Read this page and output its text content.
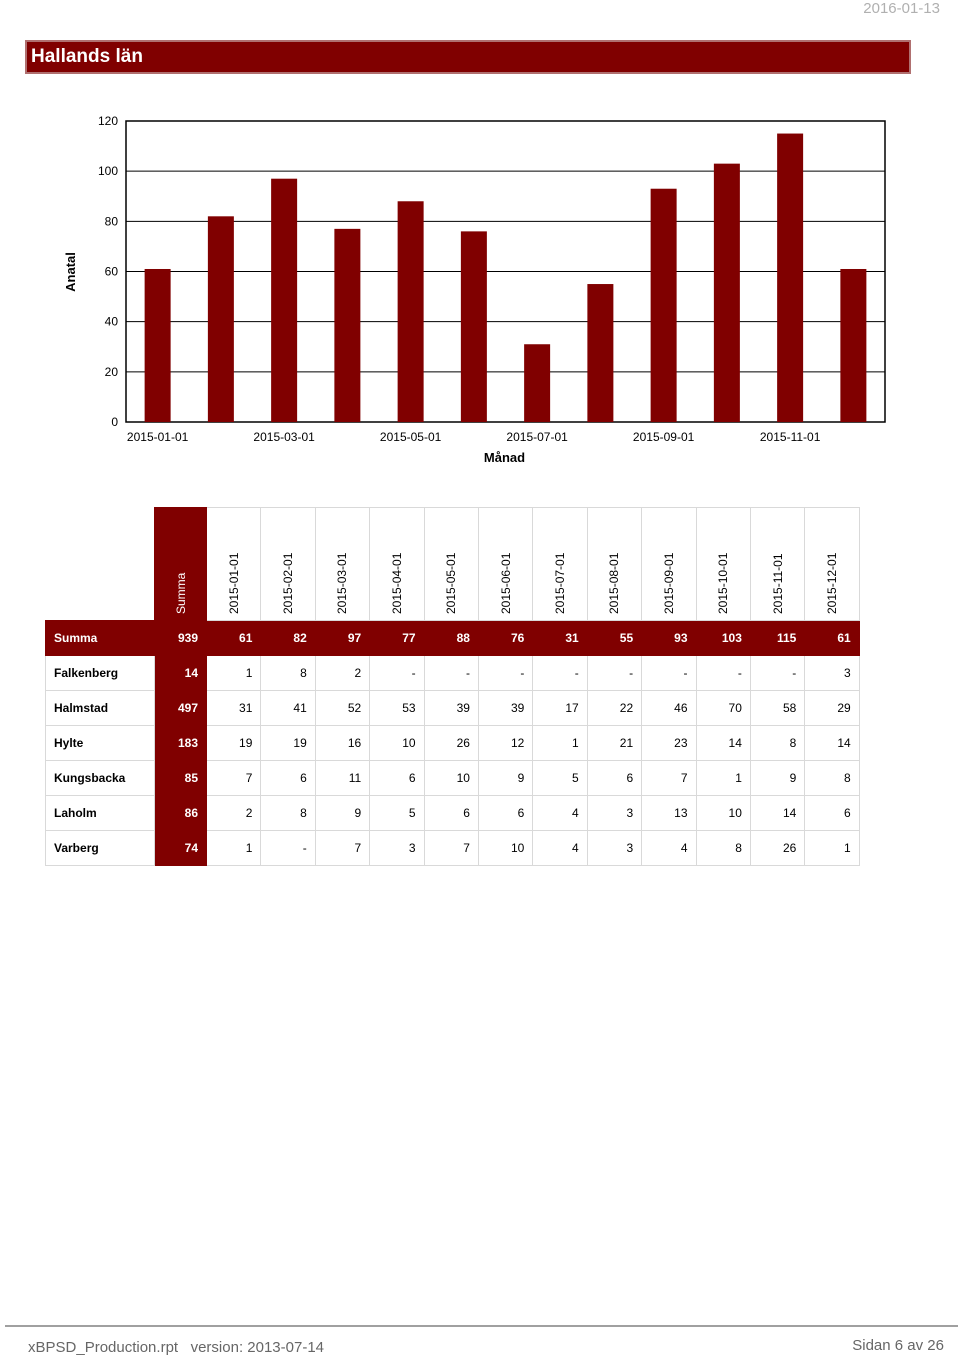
2016-01-13
Hallands län
0
20
40
60
80
100
120
2015-01-01	2015-03-01	2015-05-01	2015-07-01	2015-09-01	2015-11-01
Månad
Anatal

	Summa	2015-01-01	2015-02-01	2015-03-01	2015-04-01	2015-05-01	2015-06-01	2015-07-01	2015-08-01	2015-09-01	2015-10-01	2015-11-01	2015-12-01

Summa	939	61	82	97	77	88	76	31	55	93	103	115	61
Falkenberg	14	1	8	2	-	-	-	-	-	-	-	-	3
Halmstad	497	31	41	52	53	39	39	17	22	46	70	58	29
Hylte	183	19	19	16	10	26	12	1	21	23	14	8	14
Kungsbacka	85	7	6	11	6	10	9	5	6	7	1	9	8
Laholm	86	2	8	9	5	6	6	4	3	13	10	14	6
Varberg	74	1	-	7	3	7	10	4	3	4	8	26	1
xBPSD_Production.rpt version: 2013-07-14	Sidan 6 av 26
